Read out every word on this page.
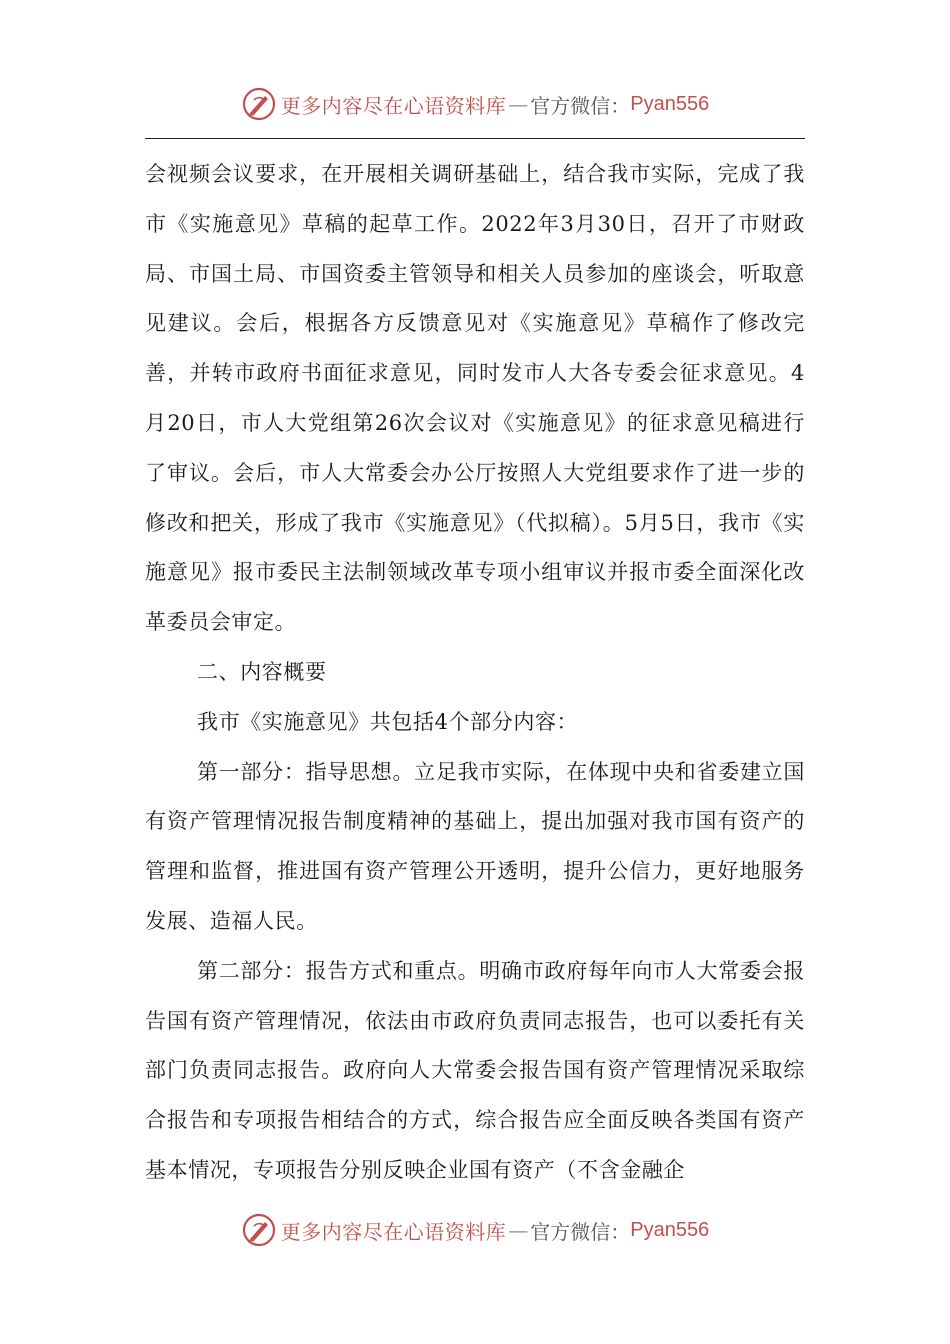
更多内容尽在心语资料库 — 官方微信： Pyan556

会视频会议要求，在开展相关调研基础上，结合我市实际，完成了我市《实施意见》草稿的起草工作。2022年3月30日，召开了市财政局、市国土局、市国资委主管领导和相关人员参加的座谈会，听取意见建议。会后，根据各方反馈意见对《实施意见》草稿作了修改完善，并转市政府书面征求意见，同时发市人大各专委会征求意见。4月20日，市人大党组第26次会议对《实施意见》的征求意见稿进行了审议。会后，市人大常委会办公厅按照人大党组要求作了进一步的修改和把关，形成了我市《实施意见》（代拟稿）。5月5日，我市《实施意见》报市委民主法制领域改革专项小组审议并报市委全面深化改革委员会审定。

二、内容概要

我市《实施意见》共包括4个部分内容：

第一部分：指导思想。立足我市实际，在体现中央和省委建立国有资产管理情况报告制度精神的基础上，提出加强对我市国有资产的管理和监督，推进国有资产管理公开透明，提升公信力，更好地服务发展、造福人民。

第二部分：报告方式和重点。明确市政府每年向市人大常委会报告国有资产管理情况，依法由市政府负责同志报告，也可以委托有关部门负责同志报告。政府向人大常委会报告国有资产管理情况采取综合报告和专项报告相结合的方式，综合报告应全面反映各类国有资产基本情况，专项报告分别反映企业国有资产（不含金融企

更多内容尽在心语资料库 — 官方微信： Pyan556
